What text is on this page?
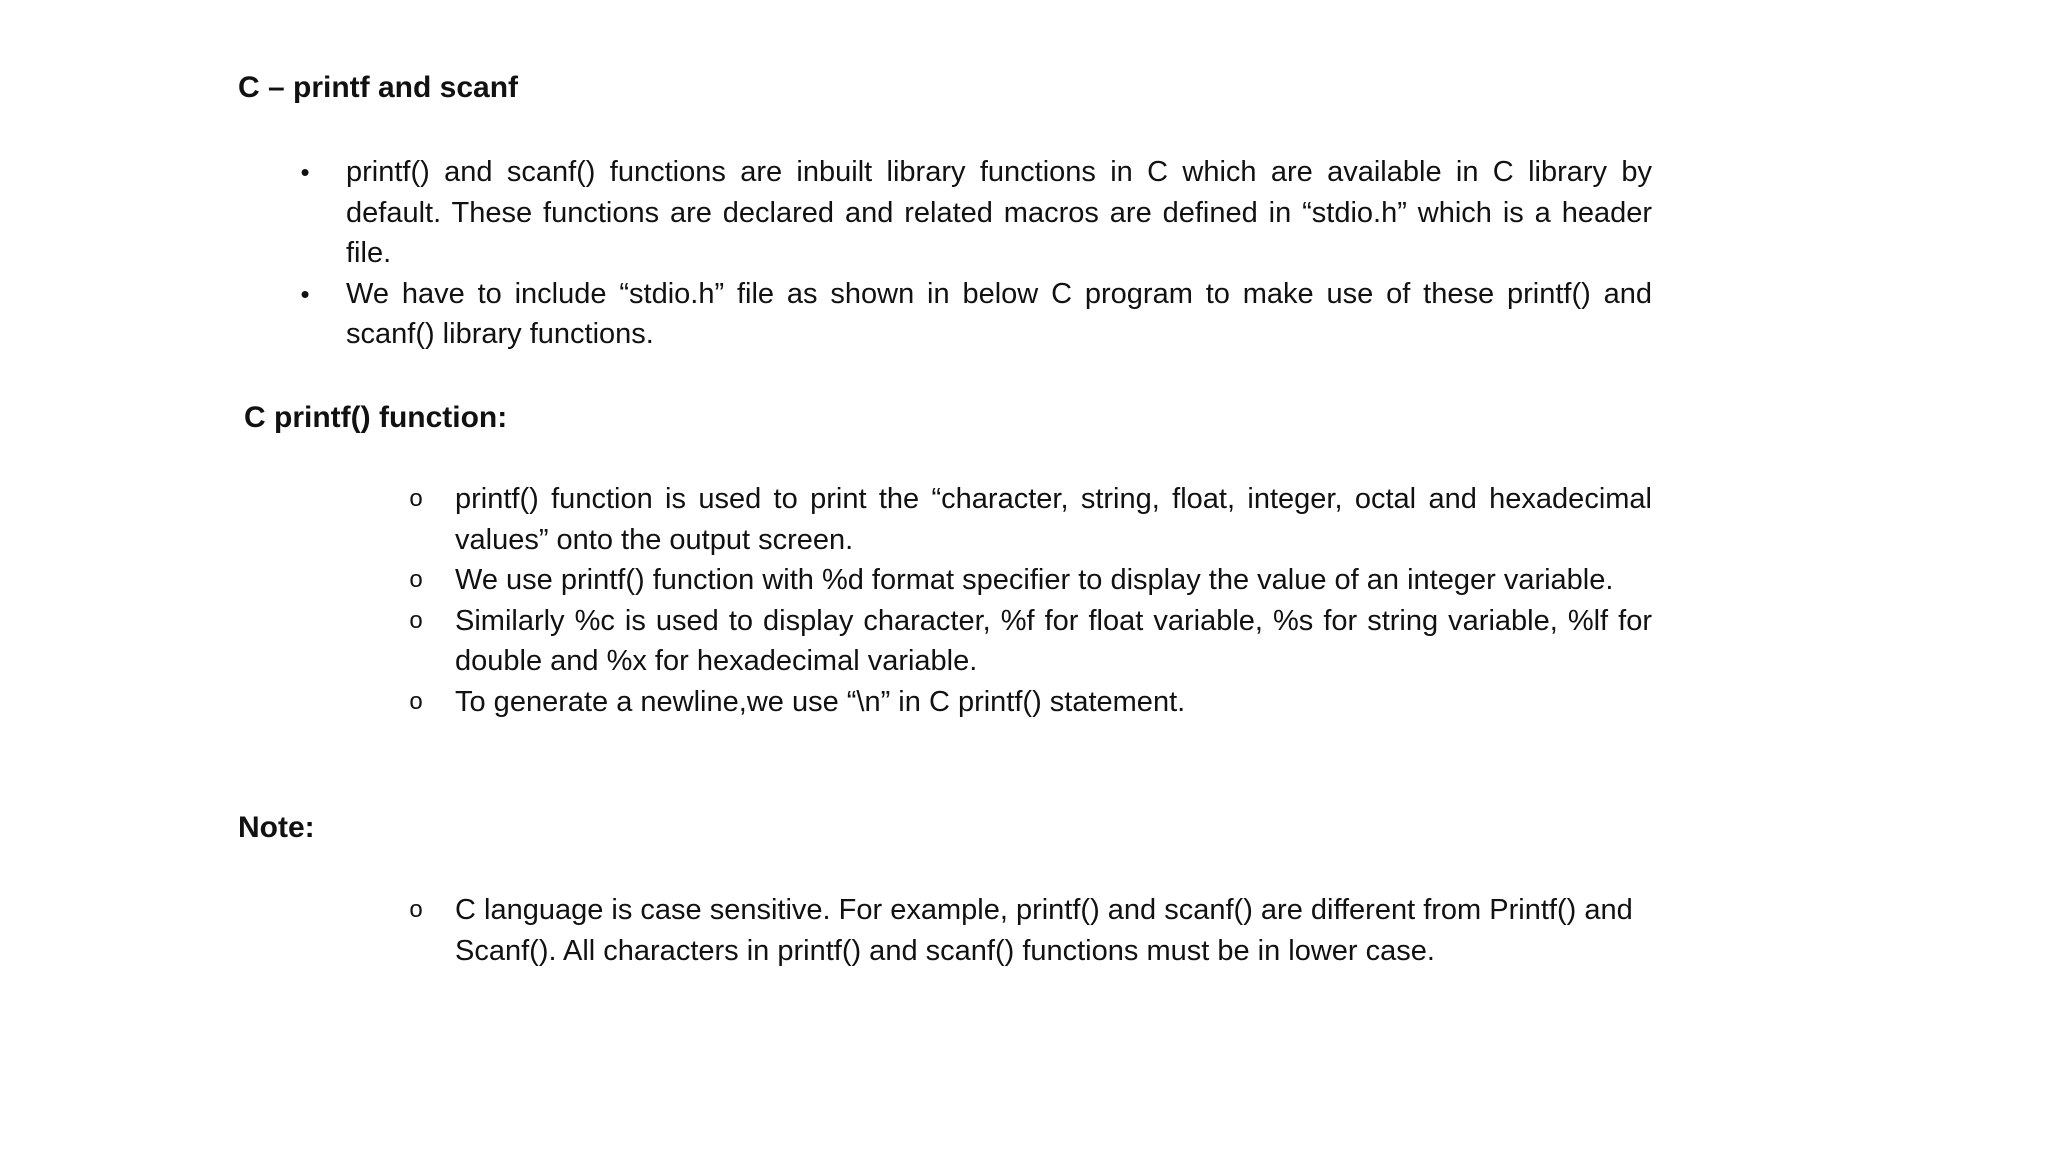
C – printf and scanf
•	printf() and scanf() functions are inbuilt library functions in C which are available in C library by default. These functions are declared and related macros are defined in “stdio.h” which is a header file.
•	We have to include “stdio.h” file as shown in below C program to make use of these printf() and scanf() library functions.
C printf() function:
o printf() function is used to print the “character, string, float, integer, octal and hexadecimal values” onto the output screen.
o We use printf() function with %d format specifier to display the value of an integer variable.
o Similarly %c is used to display character, %f for float variable, %s for string variable, %lf for double and %x for hexadecimal variable.
o To generate a newline,we use “\n” in C printf() statement.
Note:
o C language is case sensitive. For example, printf() and scanf() are different from Printf() and Scanf(). All characters in printf() and scanf() functions must be in lower case.
